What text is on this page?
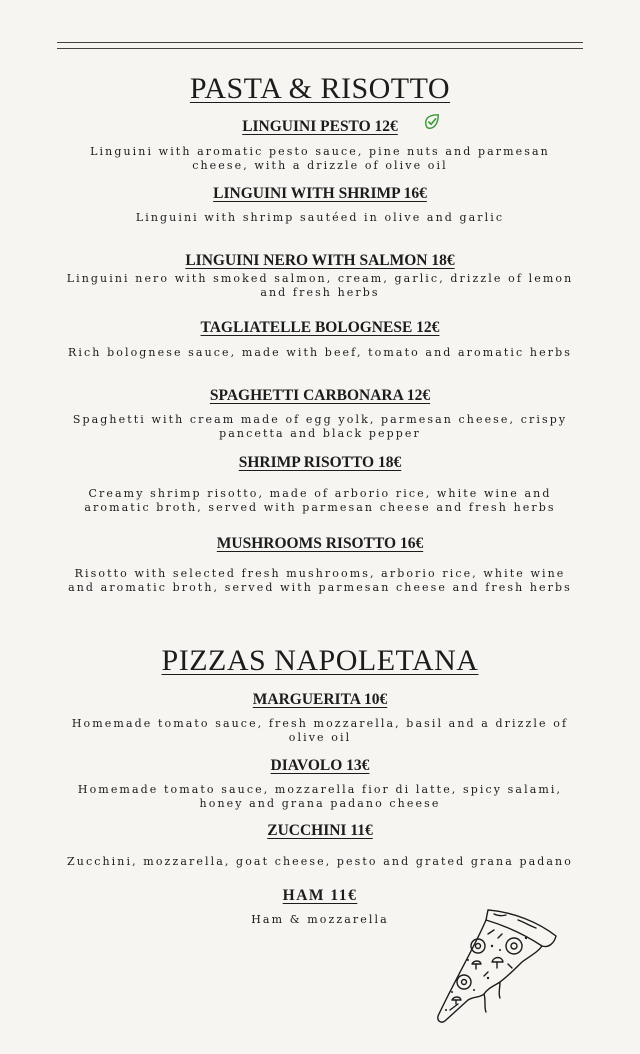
PASTA & RISOTTO
LINGUINI PESTO 12€
Linguini with aromatic pesto sauce, pine nuts and parmesan cheese, with a drizzle of olive oil
LINGUINI WITH SHRIMP 16€
Linguini with shrimp sautéed in olive and garlic
LINGUINI NERO WITH SALMON 18€
Linguini nero with smoked salmon, cream, garlic, drizzle of lemon and fresh herbs
TAGLIATELLE BOLOGNESE 12€
Rich bolognese sauce, made with beef, tomato and aromatic herbs
SPAGHETTI CARBONARA 12€
Spaghetti with cream made of egg yolk, parmesan cheese, crispy pancetta and black pepper
SHRIMP RISOTTO 18€
Creamy shrimp risotto, made of arborio rice, white wine and aromatic broth, served with parmesan cheese and fresh herbs
MUSHROOMS RISOTTO 16€
Risotto with selected fresh mushrooms, arborio rice, white wine and aromatic broth, served with parmesan cheese and fresh herbs
PIZZAS NAPOLETANA
MARGUERITA 10€
Homemade tomato sauce, fresh mozzarella, basil and a drizzle of olive oil
DIAVOLO 13€
Homemade tomato sauce, mozzarella fior di latte, spicy salami, honey and grana padano cheese
ZUCCHINI 11€
Zucchini, mozzarella, goat cheese, pesto and grated grana padano
HAM 11€
Ham & mozzarella
